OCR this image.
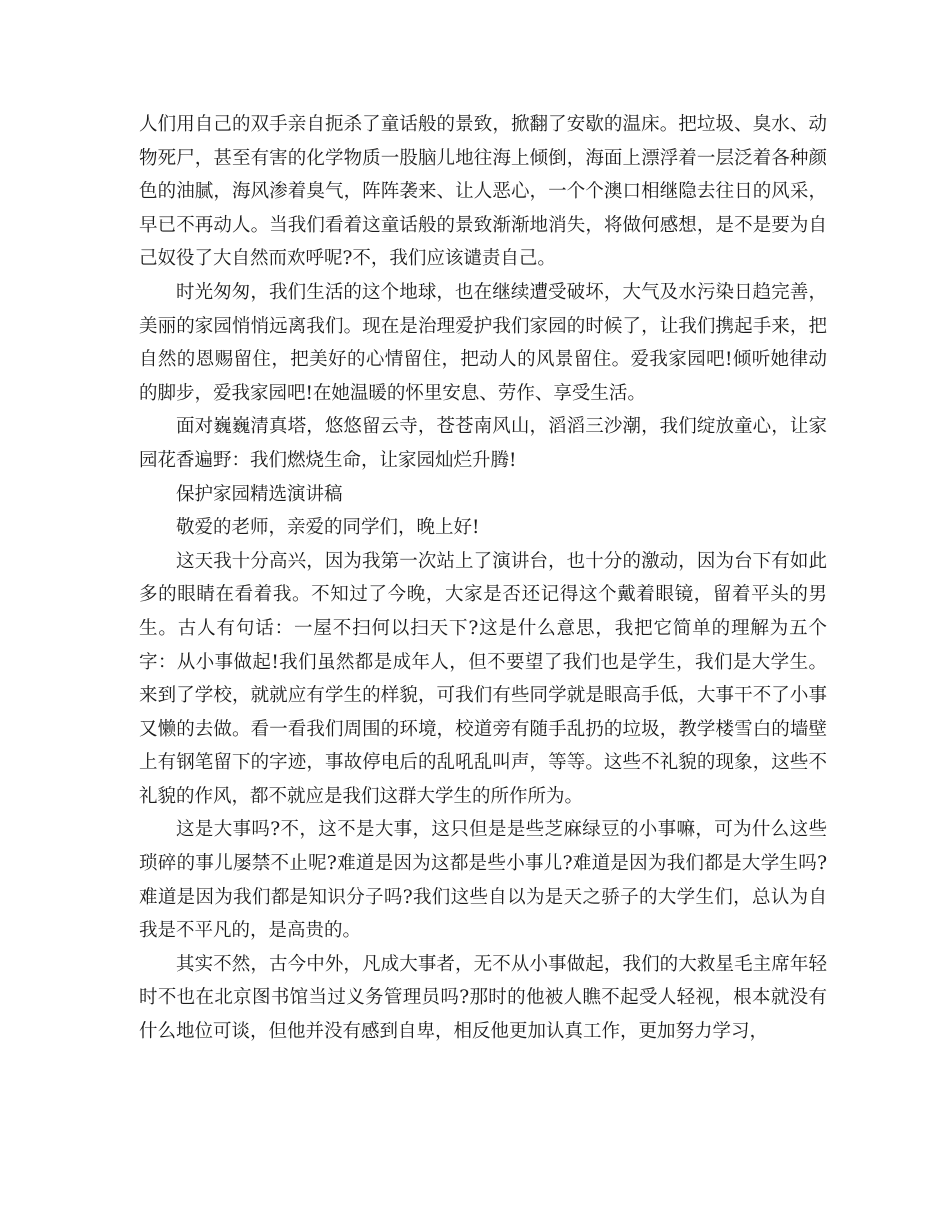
人们用自己的双手亲自扼杀了童话般的景致，掀翻了安歇的温床。把垃圾、臭水、动物死尸，甚至有害的化学物质一股脑儿地往海上倾倒，海面上漂浮着一层泛着各种颜色的油腻，海风渗着臭气，阵阵袭来、让人恶心，一个个澳口相继隐去往日的风采，早已不再动人。当我们看着这童话般的景致渐渐地消失，将做何感想，是不是要为自己奴役了大自然而欢呼呢?不，我们应该谴责自己。

时光匆匆，我们生活的这个地球，也在继续遭受破坏，大气及水污染日趋完善，美丽的家园悄悄远离我们。现在是治理爱护我们家园的时候了，让我们携起手来，把自然的恩赐留住，把美好的心情留住，把动人的风景留住。爱我家园吧!倾听她律动的脚步，爱我家园吧!在她温暖的怀里安息、劳作、享受生活。

面对巍巍清真塔，悠悠留云寺，苍苍南风山，滔滔三沙潮，我们绽放童心，让家园花香遍野：我们燃烧生命，让家园灿烂升腾!

保护家园精选演讲稿

敬爱的老师，亲爱的同学们，晚上好!

这天我十分高兴，因为我第一次站上了演讲台，也十分的激动，因为台下有如此多的眼睛在看着我。不知过了今晚，大家是否还记得这个戴着眼镜，留着平头的男生。古人有句话：一屋不扫何以扫天下?这是什么意思，我把它简单的理解为五个字：从小事做起!我们虽然都是成年人，但不要望了我们也是学生，我们是大学生。来到了学校，就就应有学生的样貌，可我们有些同学就是眼高手低，大事干不了小事又懒的去做。看一看我们周围的环境，校道旁有随手乱扔的垃圾，教学楼雪白的墙壁上有钢笔留下的字迹，事故停电后的乱吼乱叫声，等等。这些不礼貌的现象，这些不礼貌的作风，都不就应是我们这群大学生的所作所为。

这是大事吗?不，这不是大事，这只但是是些芝麻绿豆的小事嘛，可为什么这些琐碎的事儿屡禁不止呢?难道是因为这都是些小事儿?难道是因为我们都是大学生吗?难道是因为我们都是知识分子吗?我们这些自以为是天之骄子的大学生们，总认为自我是不平凡的，是高贵的。

其实不然，古今中外，凡成大事者，无不从小事做起，我们的大救星毛主席年轻时不也在北京图书馆当过义务管理员吗?那时的他被人瞧不起受人轻视，根本就没有什么地位可谈，但他并没有感到自卑，相反他更加认真工作，更加努力学习，
